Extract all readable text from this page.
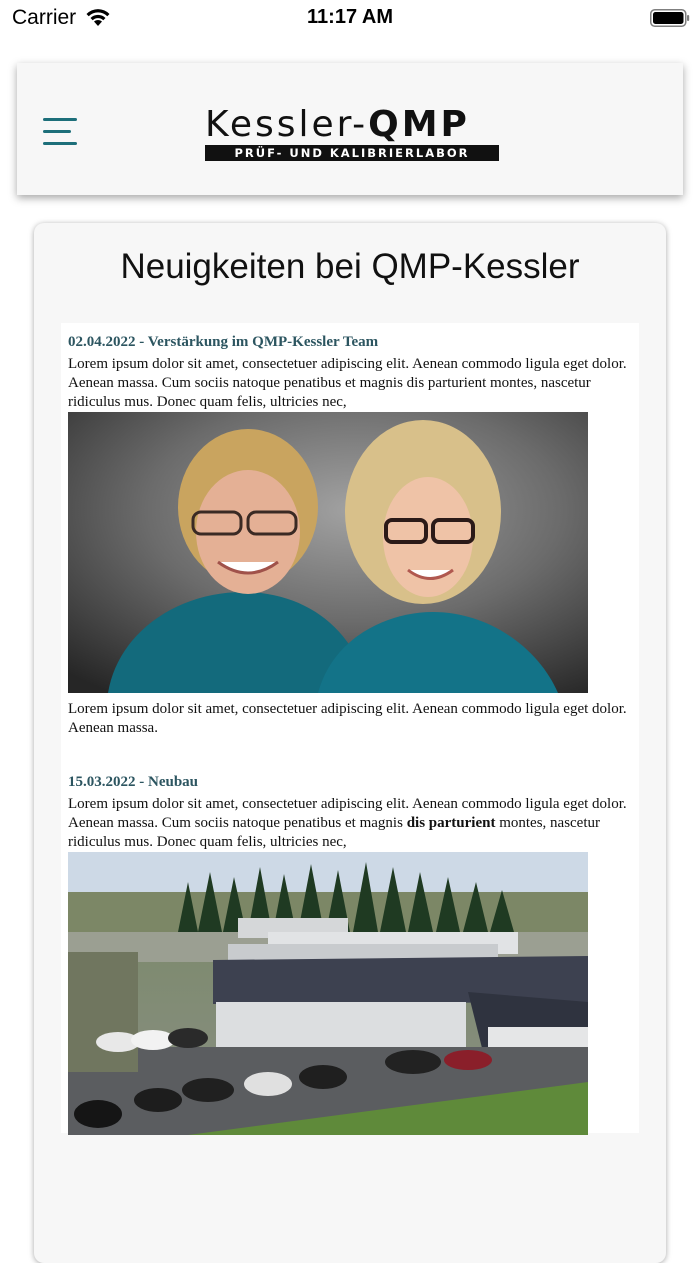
Carrier	11:17 AM
Kessler-QMP
PRÜF- UND KALIBRIERLABOR
Neuigkeiten bei QMP-Kessler
02.04.2022 - Verstärkung im QMP-Kessler Team
Lorem ipsum dolor sit amet, consectetuer adipiscing elit. Aenean commodo ligula eget dolor. Aenean massa. Cum sociis natoque penatibus et magnis dis parturient montes, nascetur ridiculus mus. Donec quam felis, ultricies nec,
Lorem ipsum dolor sit amet, consectetuer adipiscing elit. Aenean commodo ligula eget dolor. Aenean massa.
15.03.2022 - Neubau
Lorem ipsum dolor sit amet, consectetuer adipiscing elit. Aenean commodo ligula eget dolor. Aenean massa. Cum sociis natoque penatibus et magnis dis parturient montes, nascetur ridiculus mus. Donec quam felis, ultricies nec,
